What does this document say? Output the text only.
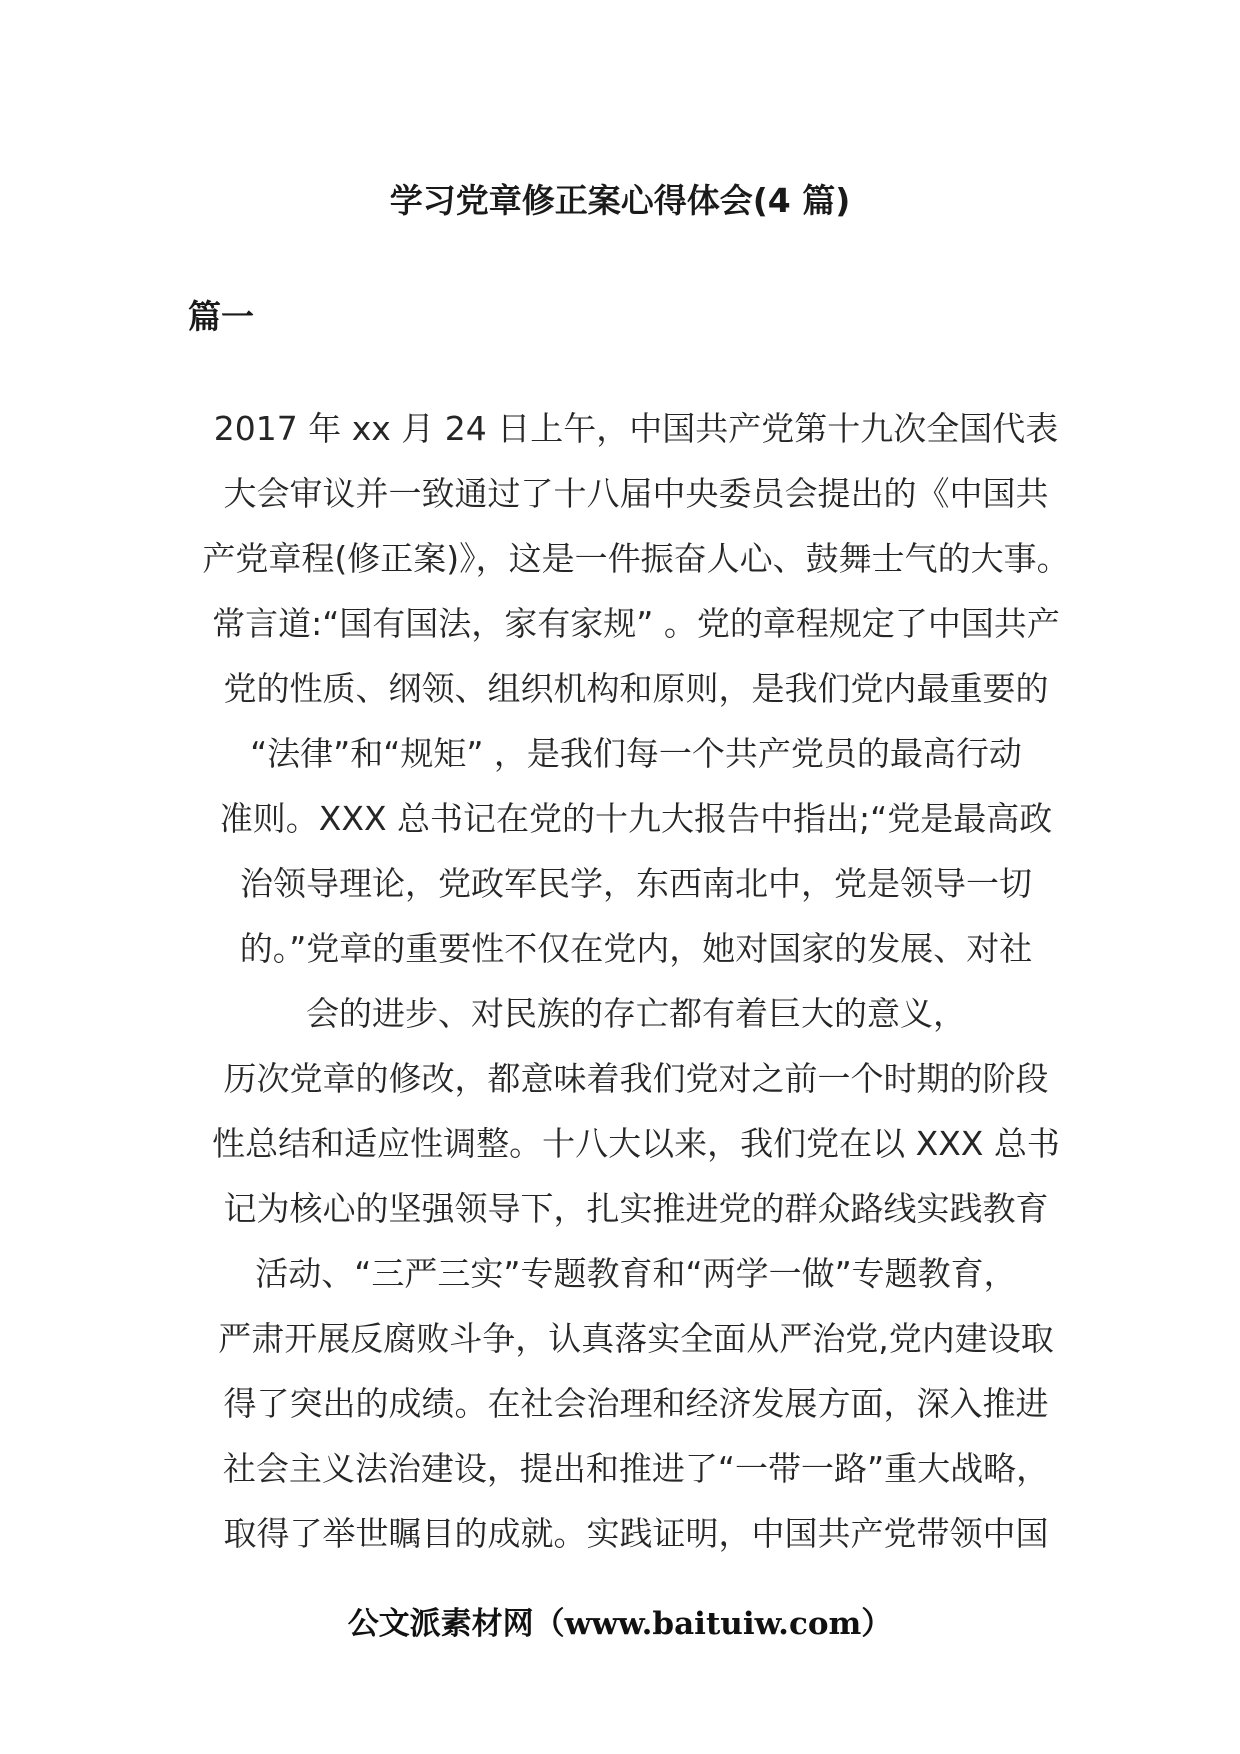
学习党章修正案心得体会(4 篇)
篇一
2017 年 xx 月 24 日上午，中国共产党第十九次全国代表
大会审议并一致通过了十八届中央委员会提出的《中国共
产党章程(修正案)》，这是一件振奋人心、鼓舞士气的大事。
常言道:“国有国法，家有家规” 。党的章程规定了中国共产
党的性质、纲领、组织机构和原则，是我们党内最重要的
“法律”和“规矩” ，是我们每一个共产党员的最高行动
准则。XXX 总书记在党的十九大报告中指出;“党是最高政
治领导理论，党政军民学，东西南北中，党是领导一切
的。”党章的重要性不仅在党内，她对国家的发展、对社
会的进步、对民族的存亡都有着巨大的意义，
历次党章的修改，都意味着我们党对之前一个时期的阶段
性总结和适应性调整。十八大以来，我们党在以 XXX 总书
记为核心的坚强领导下，扎实推进党的群众路线实践教育
活动、“三严三实”专题教育和“两学一做”专题教育，
严肃开展反腐败斗争，认真落实全面从严治党,党内建设取
得了突出的成绩。在社会治理和经济发展方面，深入推进
社会主义法治建设，提出和推进了“一带一路”重大战略，
取得了举世瞩目的成就。实践证明，中国共产党带领中国

公文派素材网（www.baituiw.com）
